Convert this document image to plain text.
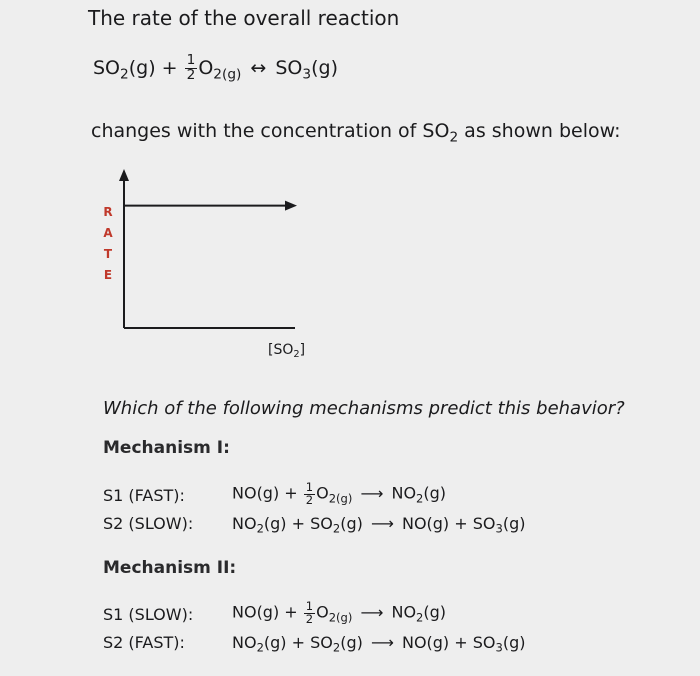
The rate of the overall reaction
$SO_2(g) + \frac{1}{2} O_{2(g)}$ ↔ $SO_3(g)$
changes with the concentration of $SO_2$ as shown below:
R
A
T
E
$[SO_2]$
Which of the following mechanisms predict this behavior?
Mechanism I:
S1 (FAST):	$NO(g) + \frac{1}{2} O_{2(g)}$ ⟶ $NO_2(g)$
S2 (SLOW): $NO_2(g) + SO_2(g)$ ⟶ $NO(g) + SO_3(g)$
Mechanism II:
S1 (SLOW): $NO(g) + \frac{1}{2} O_{2(g)}$ ⟶ $NO_2(g)$
S2 (FAST):	$NO_2(g) + SO_2(g)$ ⟶ $NO(g) + SO_3(g)$
